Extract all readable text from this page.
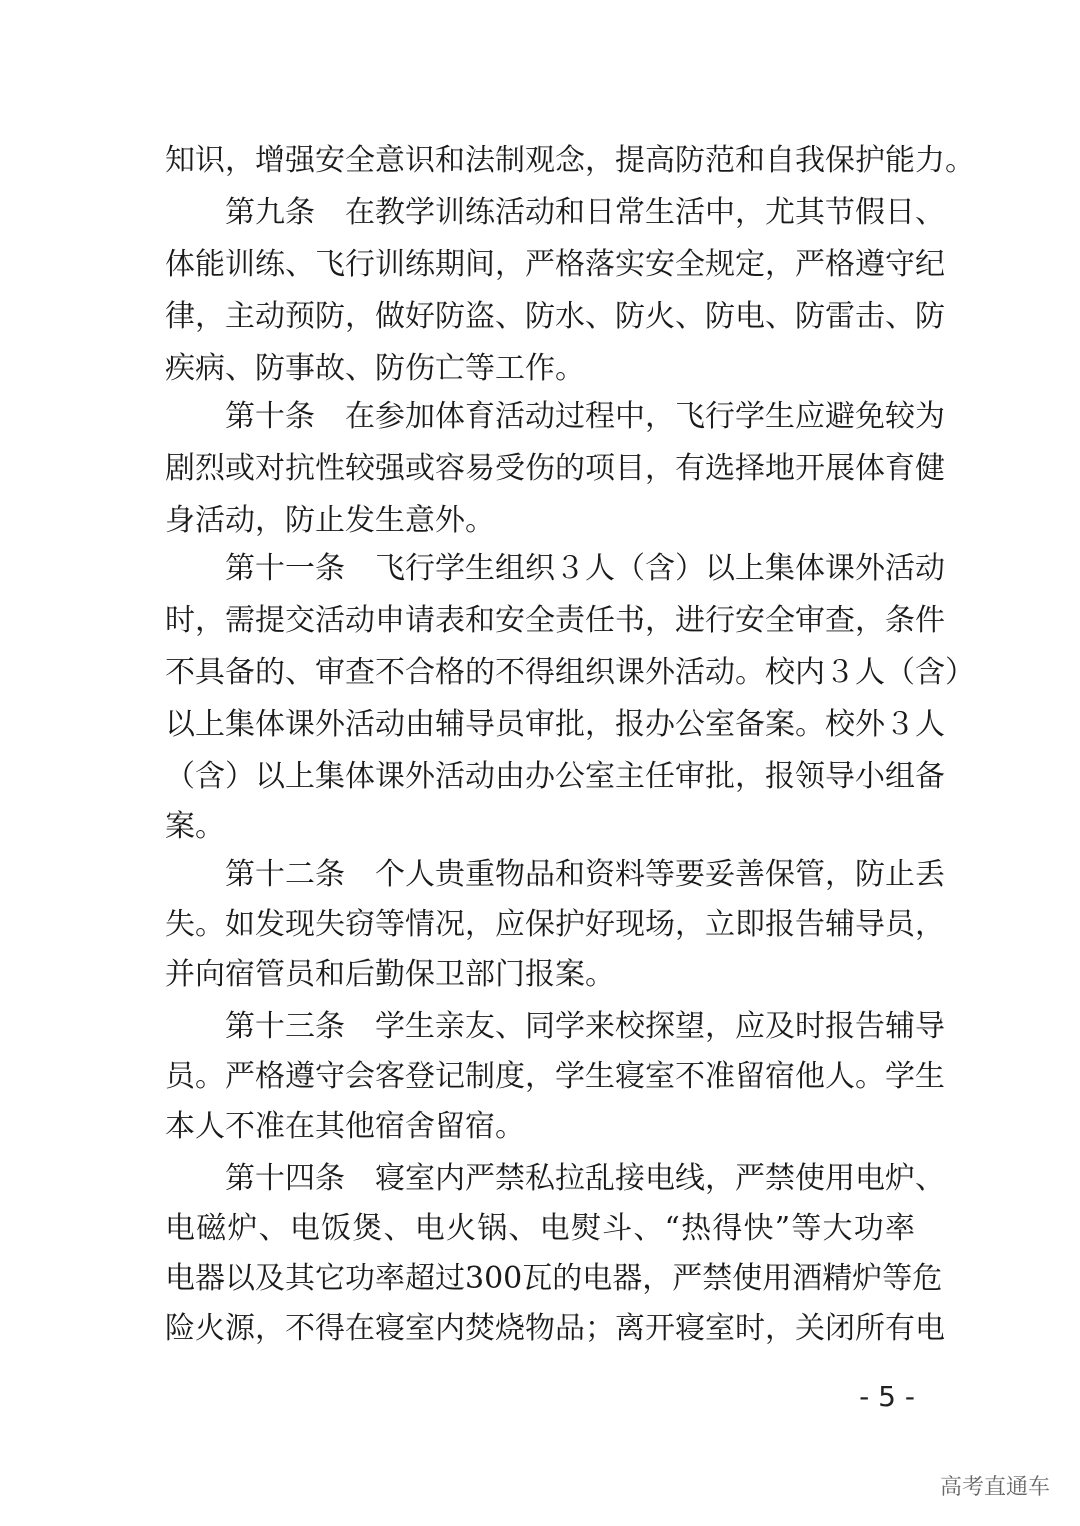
知识，增强安全意识和法制观念，提高防范和自我保护能力。
第九条　在教学训练活动和日常生活中，尤其节假日、
体能训练、飞行训练期间，严格落实安全规定，严格遵守纪
律，主动预防，做好防盗、防水、防火、防电、防雷击、防
疾病、防事故、防伤亡等工作。
第十条　在参加体育活动过程中，飞行学生应避免较为
剧烈或对抗性较强或容易受伤的项目，有选择地开展体育健
身活动，防止发生意外。
第十一条　飞行学生组织３人（含）以上集体课外活动
时，需提交活动申请表和安全责任书，进行安全审查，条件
不具备的、审查不合格的不得组织课外活动。校内３人（含）
以上集体课外活动由辅导员审批，报办公室备案。校外３人
（含）以上集体课外活动由办公室主任审批，报领导小组备
案。
第十二条　个人贵重物品和资料等要妥善保管，防止丢
失。如发现失窃等情况，应保护好现场，立即报告辅导员，
并向宿管员和后勤保卫部门报案。
第十三条　学生亲友、同学来校探望，应及时报告辅导
员。严格遵守会客登记制度，学生寝室不准留宿他人。学生
本人不准在其他宿舍留宿。
第十四条　寝室内严禁私拉乱接电线，严禁使用电炉、
电磁炉、电饭煲、电火锅、电熨斗、“热得快”等大功率
电器以及其它功率超过300瓦的电器，严禁使用酒精炉等危
险火源，不得在寝室内焚烧物品；离开寝室时，关闭所有电
- 5 -
高考直通车
